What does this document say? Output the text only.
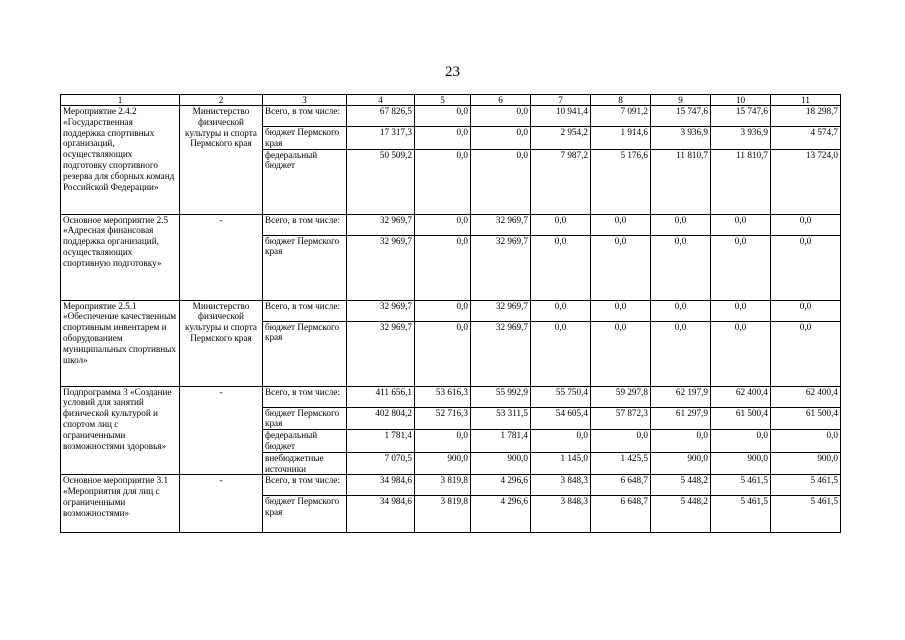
23
1	2	3	4	5	6	7	8	9	10	11
Мероприятие 2.4.2 «Государственная поддержка спортивных организаций, осуществляющих подготовку спортивного резерва для сборных команд Российской Федерации»	Министерство физической культуры и спорта Пермского края	Всего, в том числе:	67 826,5	0,0	0,0	10 941,4	7 091,2	15 747,6	15 747,6	18 298,7
		бюджет Пермского края	17 317,3	0,0	0,0	2 954,2	1 914,6	3 936,9	3 936,9	4 574,7
		федеральный бюджет	50 509,2	0,0	0,0	7 987,2	5 176,6	11 810,7	11 810,7	13 724,0
Основное мероприятие 2.5 «Адресная финансовая поддержка организаций, осуществляющих спортивную подготовку»	-	Всего, в том числе:	32 969,7	0,0	32 969,7	0,0	0,0	0,0	0,0	0,0
		бюджет Пермского края	32 969,7	0,0	32 969,7	0,0	0,0	0,0	0,0	0,0
Мероприятие 2.5.1 «Обеспечение качественным спортивным инвентарем и оборудованием муниципальных спортивных школ»	Министерство физической культуры и спорта Пермского края	Всего, в том числе:	32 969,7	0,0	32 969,7	0,0	0,0	0,0	0,0	0,0
		бюджет Пермского края	32 969,7	0,0	32 969,7	0,0	0,0	0,0	0,0	0,0
Подпрограмма 3 «Создание условий для занятий физической культурой и спортом лиц с ограниченными возможностями здоровья»	-	Всего, в том числе:	411 656,1	53 616,3	55 992,9	55 750,4	59 297,8	62 197,9	62 400,4	62 400,4
		бюджет Пермского края	402 804,2	52 716,3	53 311,5	54 605,4	57 872,3	61 297,9	61 500,4	61 500,4
		федеральный бюджет	1 781,4	0,0	1 781,4	0,0	0,0	0,0	0,0	0,0
		внебюджетные источники	7 070,5	900,0	900,0	1 145,0	1 425,5	900,0	900,0	900,0
Основное мероприятие 3.1 «Мероприятия для лиц с ограниченными возможностями»	-	Всего, в том числе:	34 984,6	3 819,8	4 296,6	3 848,3	6 648,7	5 448,2	5 461,5	5 461,5
		бюджет Пермского края	34 984,6	3 819,8	4 296,6	3 848,3	6 648,7	5 448,2	5 461,5	5 461,5
